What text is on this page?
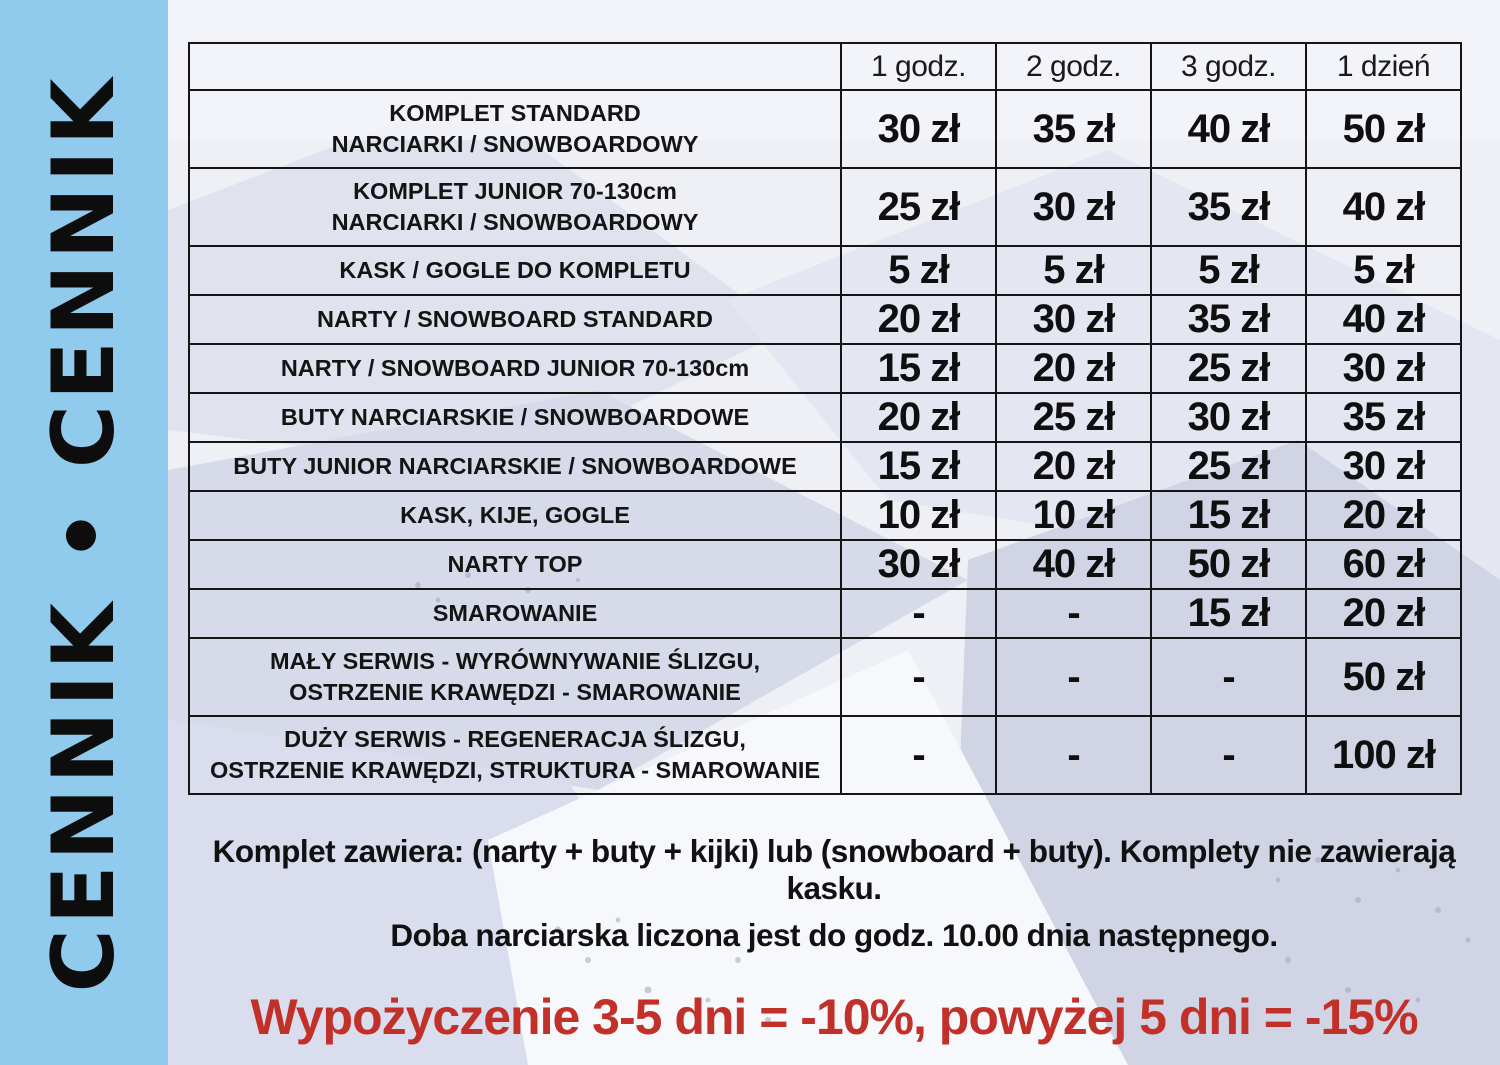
CENNIK • CENNIK
	1 godz.	2 godz.	3 godz.	1 dzień
KOMPLET STANDARD
NARCIARKI / SNOWBOARDOWY	30 zł	35 zł	40 zł	50 zł
KOMPLET JUNIOR 70-130cm
NARCIARKI / SNOWBOARDOWY	25 zł	30 zł	35 zł	40 zł
KASK / GOGLE DO KOMPLETU	5 zł	5 zł	5 zł	5 zł
NARTY / SNOWBOARD STANDARD	20 zł	30 zł	35 zł	40 zł
NARTY / SNOWBOARD JUNIOR 70-130cm	15 zł	20 zł	25 zł	30 zł
BUTY NARCIARSKIE / SNOWBOARDOWE	20 zł	25 zł	30 zł	35 zł
BUTY JUNIOR NARCIARSKIE / SNOWBOARDOWE	15 zł	20 zł	25 zł	30 zł
KASK, KIJE, GOGLE	10 zł	10 zł	15 zł	20 zł
NARTY TOP	30 zł	40 zł	50 zł	60 zł
SMAROWANIE	-	-	15 zł	20 zł
MAŁY SERWIS - WYRÓWNYWANIE ŚLIZGU,
OSTRZENIE KRAWĘDZI - SMAROWANIE	-	-	-	50 zł
DUŻY SERWIS - REGENERACJA ŚLIZGU,
OSTRZENIE KRAWĘDZI, STRUKTURA - SMAROWANIE	-	-	-	100 zł

Komplet zawiera: (narty + buty + kijki) lub (snowboard + buty). Komplety nie zawierają kasku.

Doba narciarska liczona jest do godz. 10.00 dnia następnego.

Wypożyczenie 3-5 dni = -10%, powyżej 5 dni = -15%
